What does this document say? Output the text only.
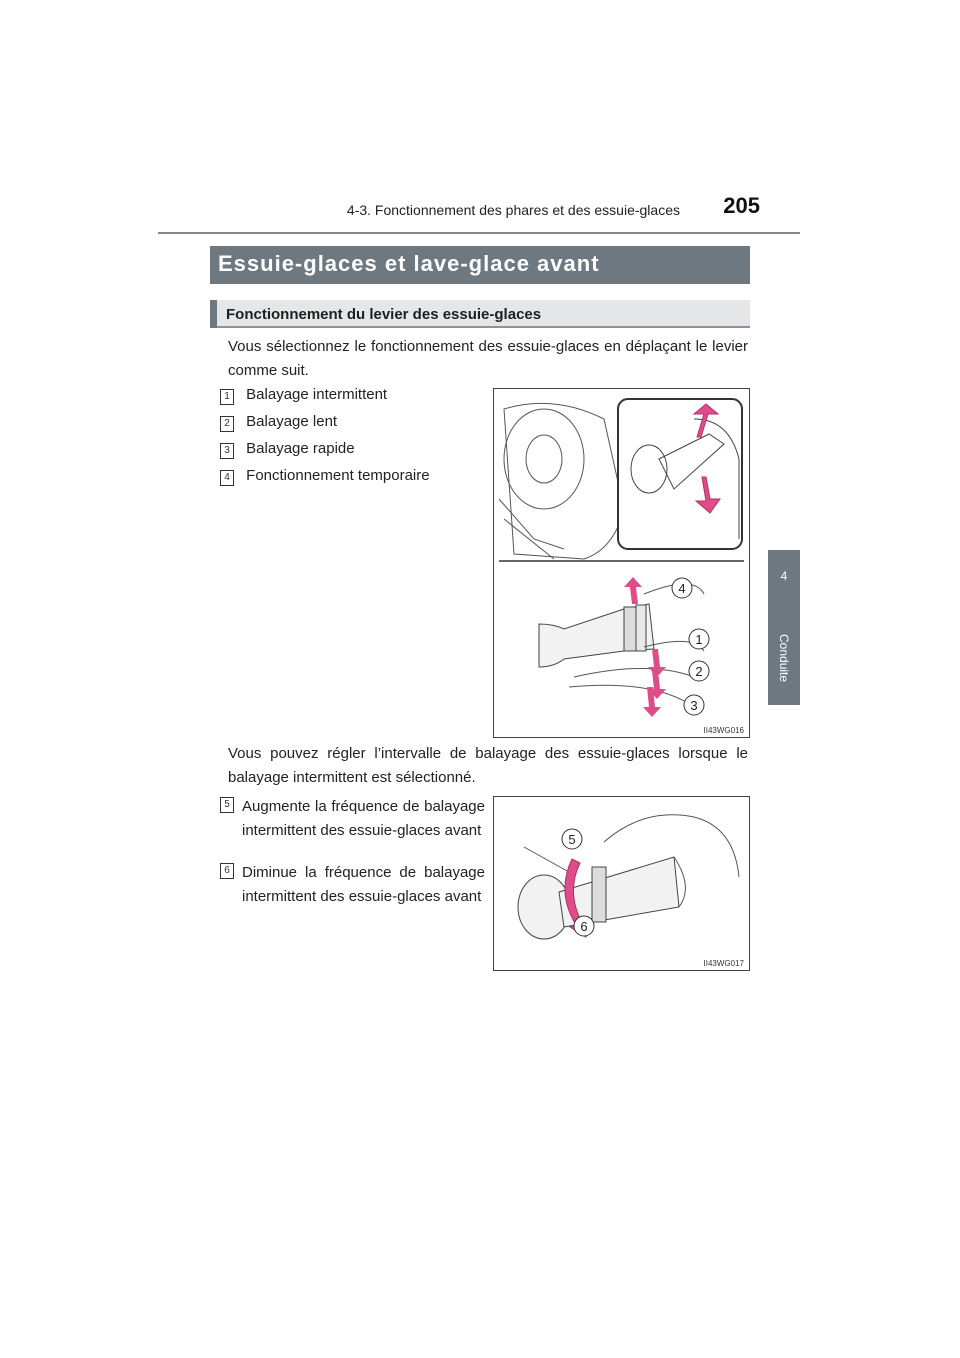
4-3. Fonctionnement des phares et des essuie-glaces	205
4
Conduite
Essuie-glaces et lave-glace avant
Fonctionnement du levier des essuie-glaces
Vous sélectionnez le fonctionnement des essuie-glaces en déplaçant le levier comme suit.
1 Balayage intermittent
2 Balayage lent
3 Balayage rapide
4 Fonctionnement temporaire
4
1
2
3
II43WG016
Vous pouvez régler l’intervalle de balayage des essuie-glaces lorsque le balayage intermittent est sélectionné.
5 Augmente la fréquence de balayage intermittent des essuie-glaces avant
6 Diminue la fréquence de balayage intermittent des essuie-glaces avant
5
6
II43WG017
